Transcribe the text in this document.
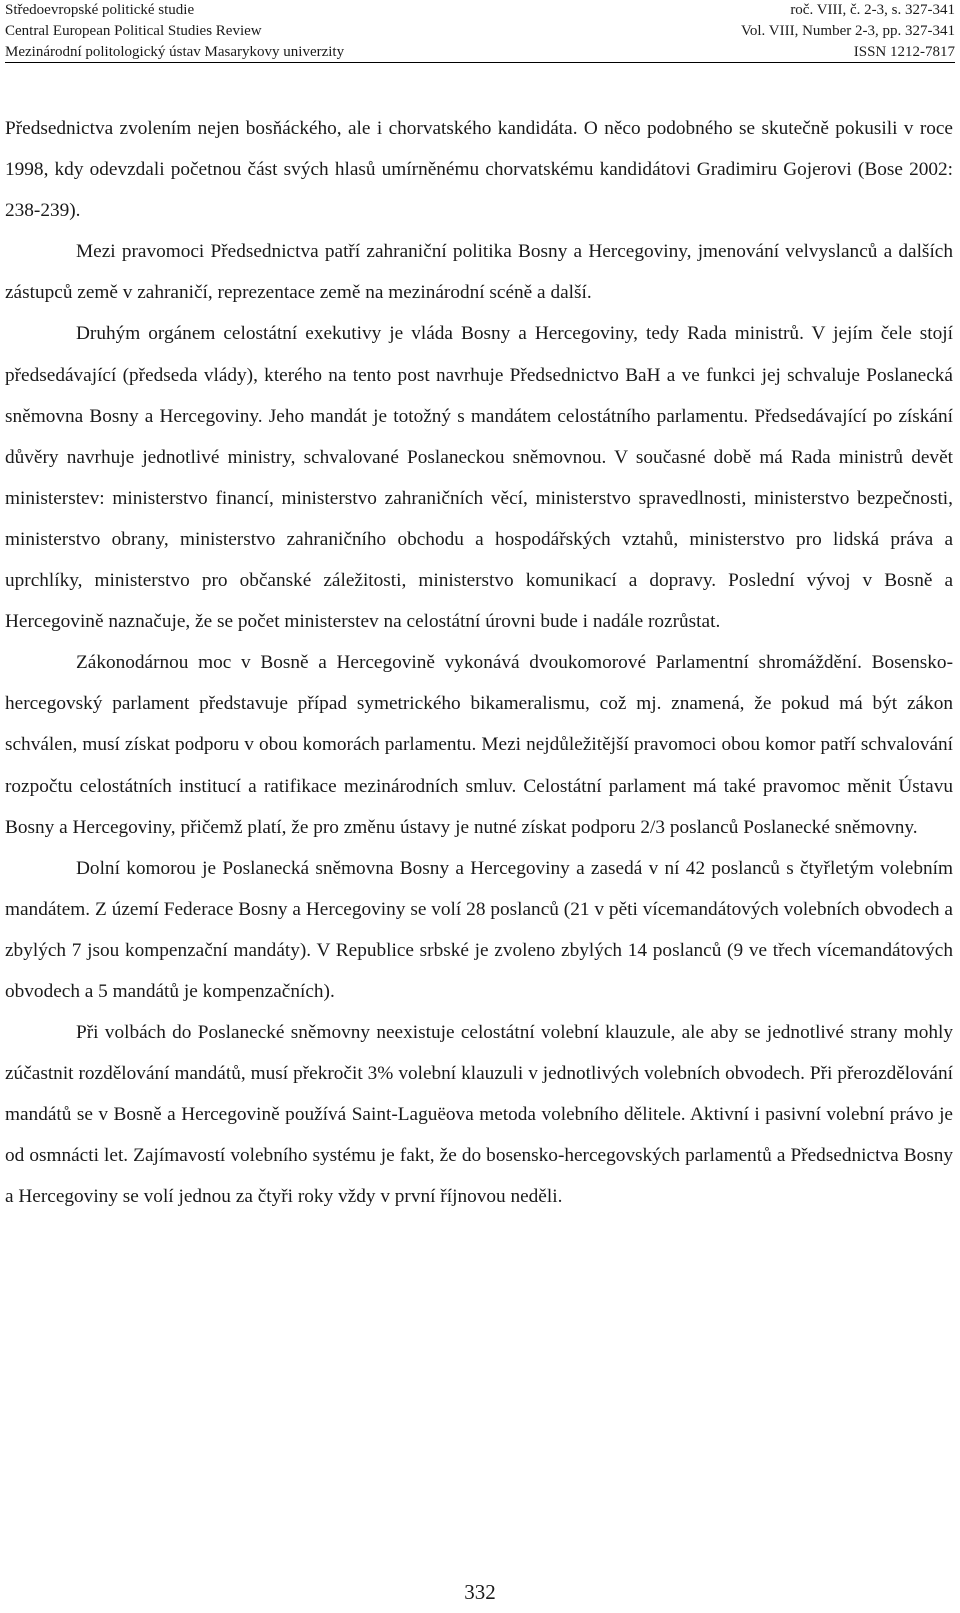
Středoevropské politické studie	roč. VIII, č. 2-3, s. 327-341
Central European Political Studies Review	Vol. VIII, Number 2-3, pp. 327-341
Mezinárodní politologický ústav Masarykovy univerzity	ISSN 1212-7817

Předsednictva zvolením nejen bosňáckého, ale i chorvatského kandidáta. O něco podobného se skutečně pokusili v roce 1998, kdy odevzdali početnou část svých hlasů umírněnému chorvatskému kandidátovi Gradimiru Gojerovi (Bose 2002: 238-239).

Mezi pravomoci Předsednictva patří zahraniční politika Bosny a Hercegoviny, jmenování velvyslanců a dalších zástupců země v zahraničí, reprezentace země na mezinárodní scéně a další.

Druhým orgánem celostátní exekutivy je vláda Bosny a Hercegoviny, tedy Rada ministrů. V jejím čele stojí předsedávající (předseda vlády), kterého na tento post navrhuje Předsednictvo BaH a ve funkci jej schvaluje Poslanecká sněmovna Bosny a Hercegoviny. Jeho mandát je totožný s mandátem celostátního parlamentu. Předsedávající po získání důvěry navrhuje jednotlivé ministry, schvalované Poslaneckou sněmovnou. V současné době má Rada ministrů devět ministerstev: ministerstvo financí, ministerstvo zahraničních věcí, ministerstvo spravedlnosti, ministerstvo bezpečnosti, ministerstvo obrany, ministerstvo zahraničního obchodu a hospodářských vztahů, ministerstvo pro lidská práva a uprchlíky, ministerstvo pro občanské záležitosti, ministerstvo komunikací a dopravy. Poslední vývoj v Bosně a Hercegovině naznačuje, že se počet ministerstev na celostátní úrovni bude i nadále rozrůstat.

Zákonodárnou moc v Bosně a Hercegovině vykonává dvoukomorové Parlamentní shromáždění. Bosensko-hercegovský parlament představuje případ symetrického bikameralismu, což mj. znamená, že pokud má být zákon schválen, musí získat podporu v obou komorách parlamentu. Mezi nejdůležitější pravomoci obou komor patří schvalování rozpočtu celostátních institucí a ratifikace mezinárodních smluv. Celostátní parlament má také pravomoc měnit Ústavu Bosny a Hercegoviny, přičemž platí, že pro změnu ústavy je nutné získat podporu 2/3 poslanců Poslanecké sněmovny.

Dolní komorou je Poslanecká sněmovna Bosny a Hercegoviny a zasedá v ní 42 poslanců s čtyřletým volebním mandátem. Z území Federace Bosny a Hercegoviny se volí 28 poslanců (21 v pěti vícemandátových volebních obvodech a zbylých 7 jsou kompenzační mandáty). V Republice srbské je zvoleno zbylých 14 poslanců (9 ve třech vícemandátových obvodech a 5 mandátů je kompenzačních).

Při volbách do Poslanecké sněmovny neexistuje celostátní volební klauzule, ale aby se jednotlivé strany mohly zúčastnit rozdělování mandátů, musí překročit 3% volební klauzuli v jednotlivých volebních obvodech. Při přerozdělování mandátů se v Bosně a Hercegovině používá Saint-Laguëova metoda volebního dělitele. Aktivní i pasivní volební právo je od osmnácti let. Zajímavostí volebního systému je fakt, že do bosensko-hercegovských parlamentů a Předsednictva Bosny a Hercegoviny se volí jednou za čtyři roky vždy v první říjnovou neděli.

332
